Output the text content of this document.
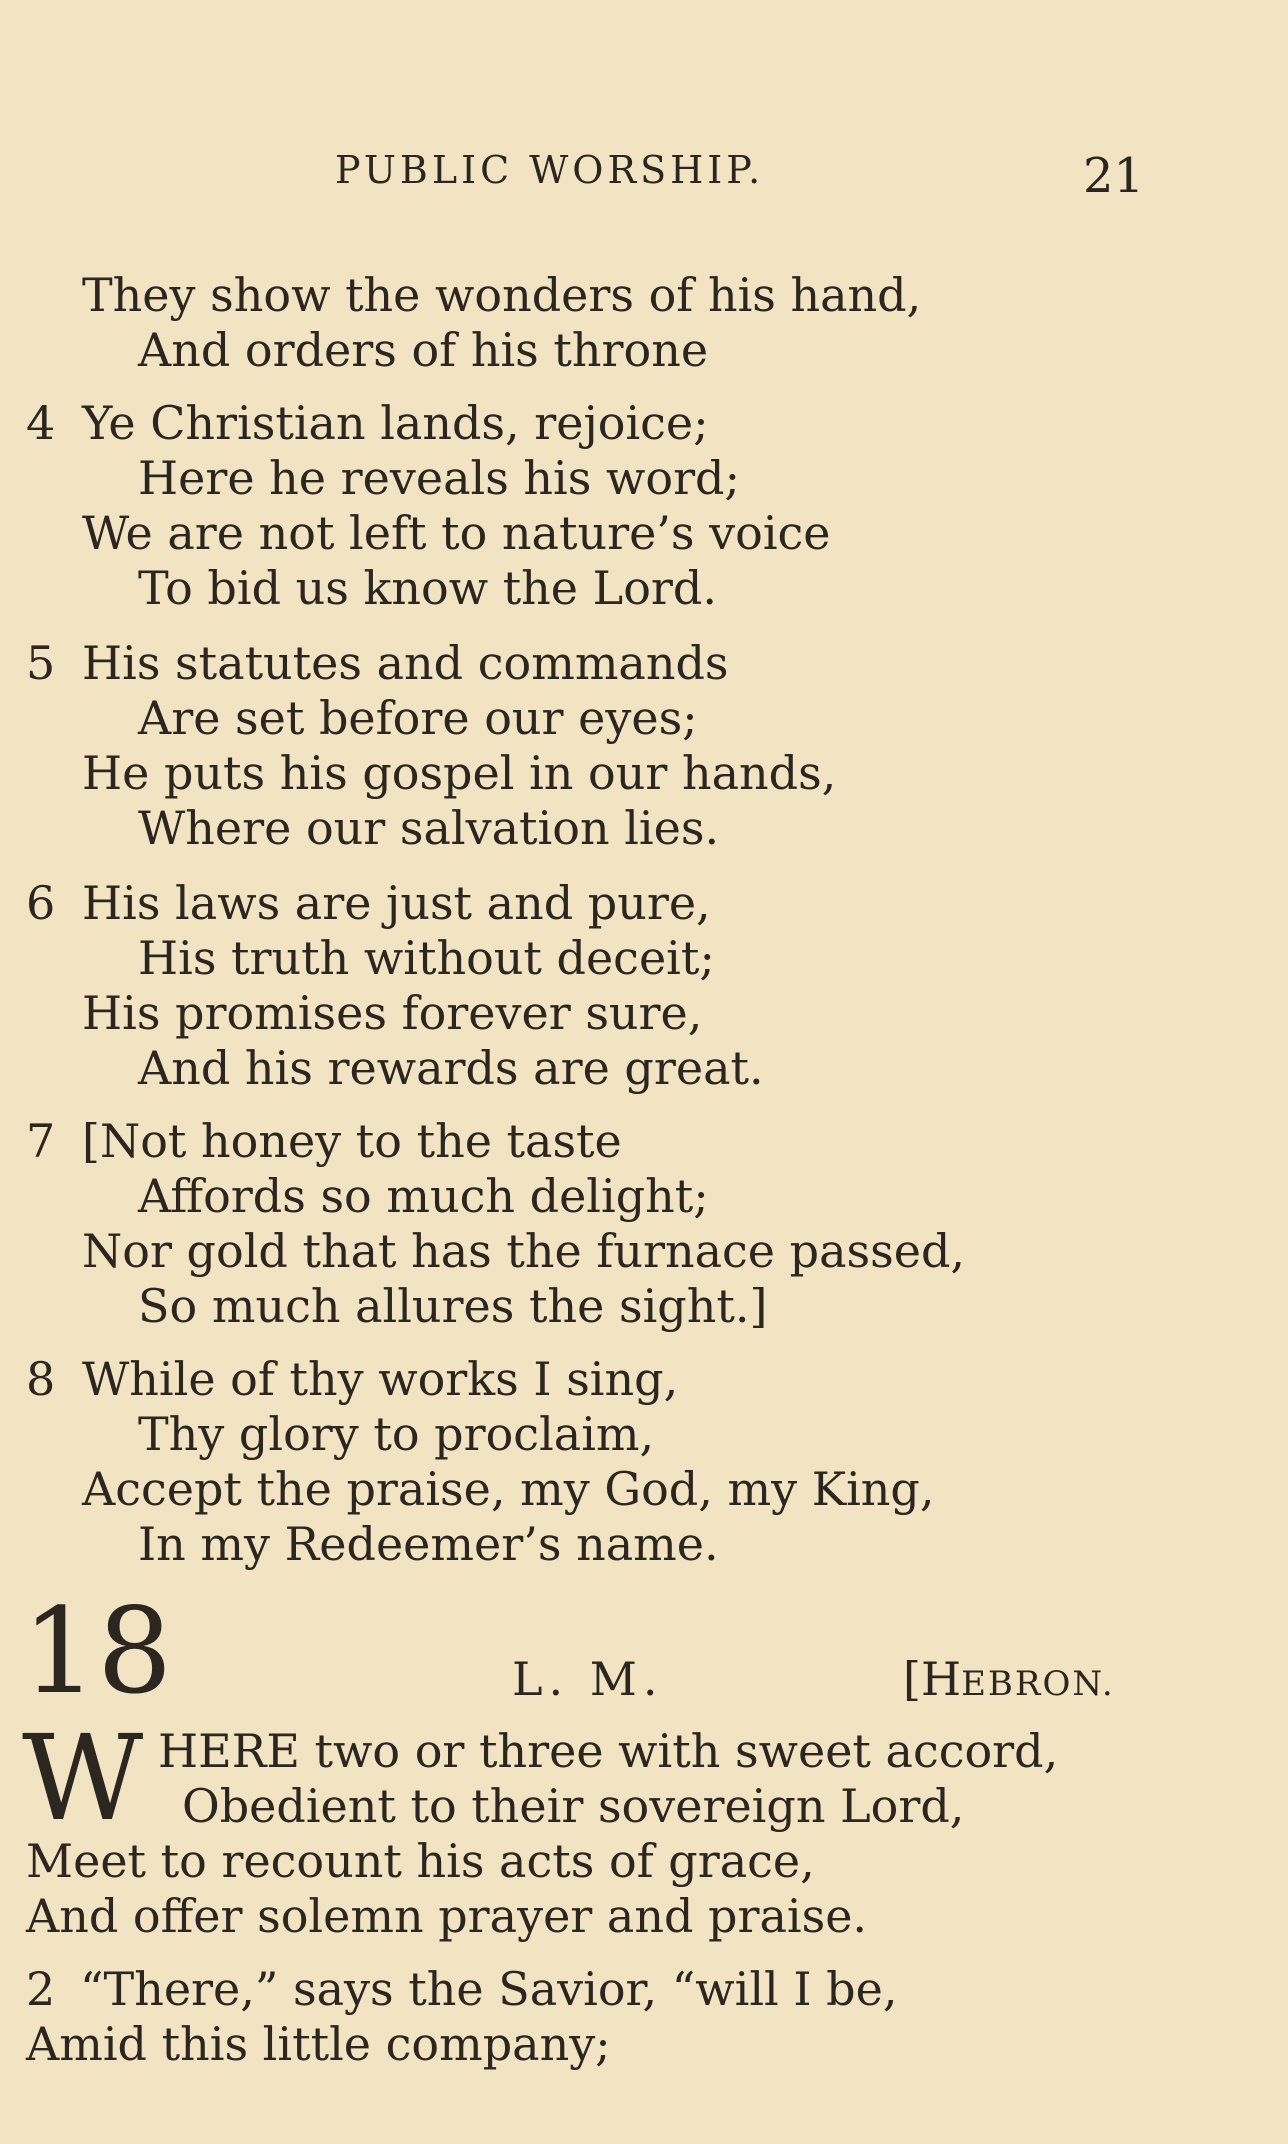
PUBLIC WORSHIP.	21
They show the wonders of his hand,
And orders of his throne
4 Ye Christian lands, rejoice;
Here he reveals his word;
We are not left to nature’s voice
To bid us know the Lord.
5 His statutes and commands
Are set before our eyes;
He puts his gospel in our hands,
Where our salvation lies.
6 His laws are just and pure,
His truth without deceit;
His promises forever sure,
And his rewards are great.
7 [Not honey to the taste
Affords so much delight;
Nor gold that has the furnace passed,
So much allures the sight.]
8 While of thy works I sing,
Thy glory to proclaim,
Accept the praise, my God, my King,
In my Redeemer’s name.
18	L. M.	[HEBRON.
W HERE two or three with sweet accord,
Obedient to their sovereign Lord,
Meet to recount his acts of grace,
And offer solemn prayer and praise.
2 “There,” says the Savior, “will I be,
Amid this little company;
